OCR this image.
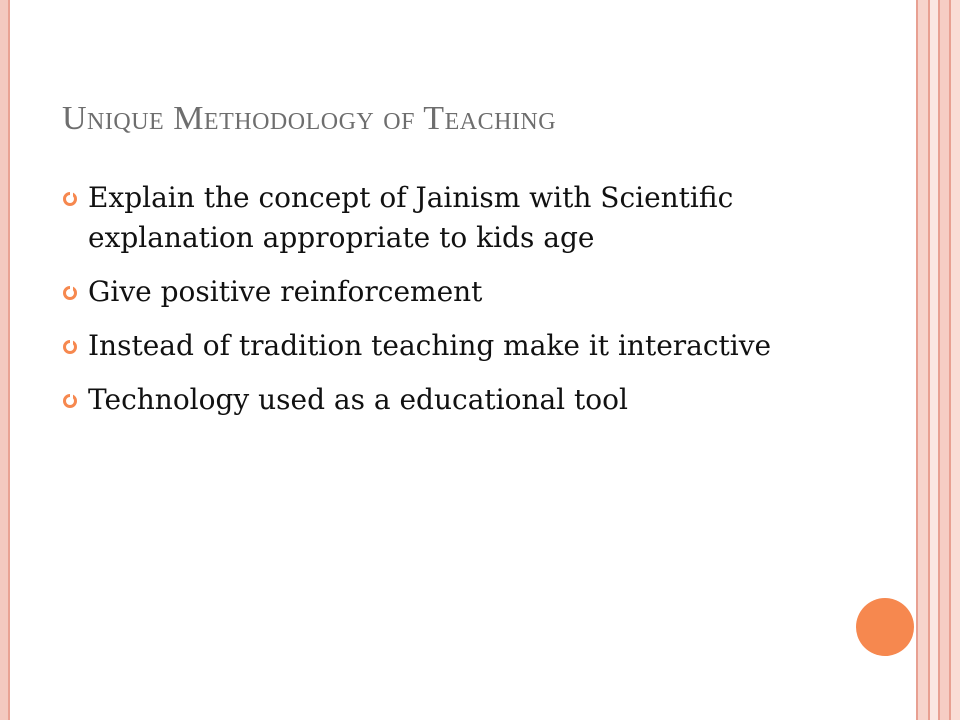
Unique Methodology of Teaching
Explain the concept of Jainism with Scientific explanation appropriate to kids age
Give positive reinforcement
Instead of tradition teaching make it interactive
Technology used as a educational tool
